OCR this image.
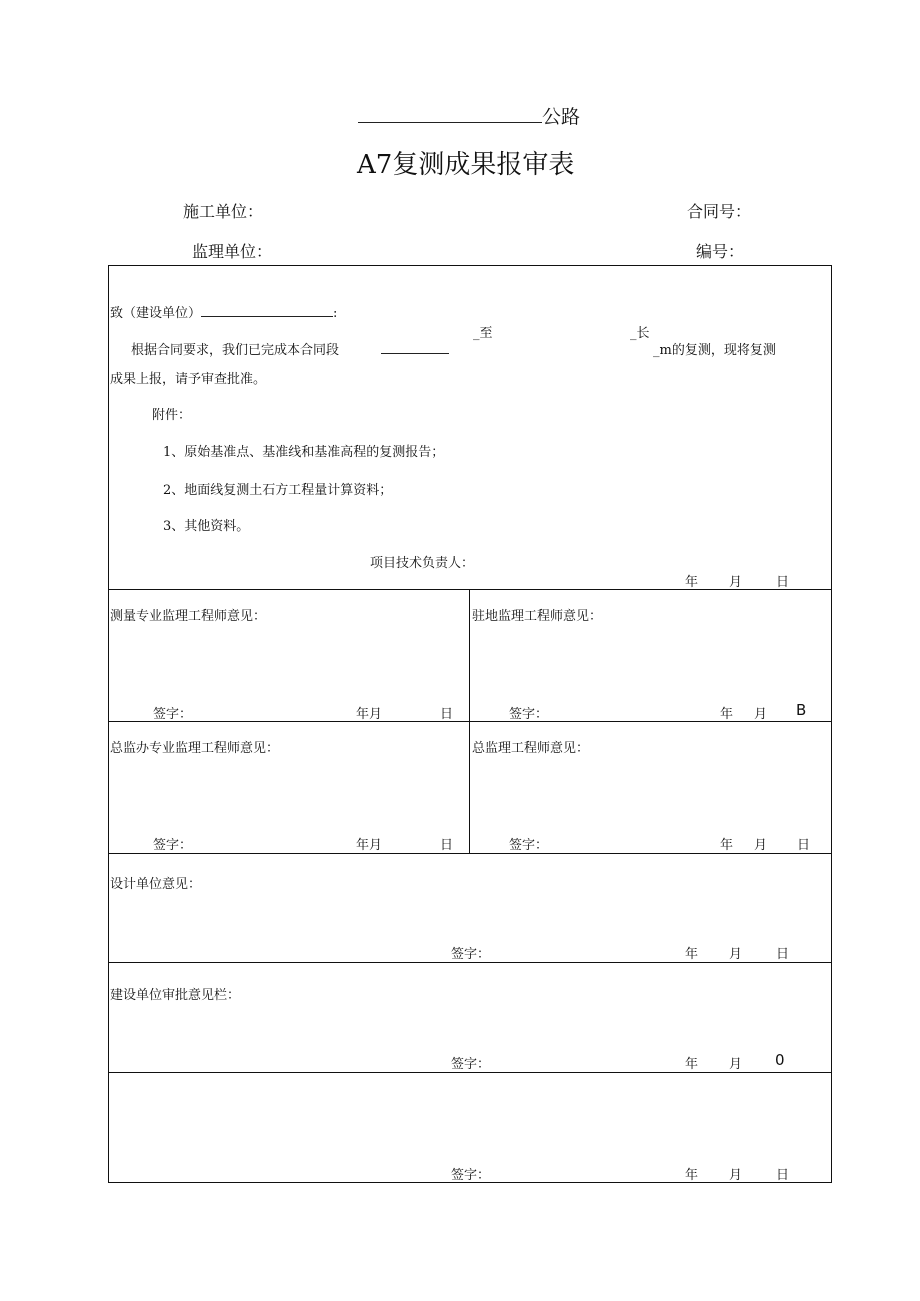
公路
A7复测成果报审表
施工单位：	合同号：
监理单位：	编号：
致（建设单位）	:
根据合同要求，我们已完成本合同段
_至	_长
_m的复测，现将复测
成果上报，请予审查批准。
附件：
1、原始基准点、基准线和基准高程的复测报告；
2、地面线复测土石方工程量计算资料；
3、其他资料。
项目技术负责人：
年 月	日
测量专业监理工程师意见：
签字：	年月	日
驻地监理工程师意见：
签字：	年 月 B
总监办专业监理工程师意见：
签字：	年月	日
总监理工程师意见：
签字：	年 月 日
设计单位意见：
签字：	年 月	日
建设单位审批意见栏：
签字：	年 月 0
签字：	年 月	日
